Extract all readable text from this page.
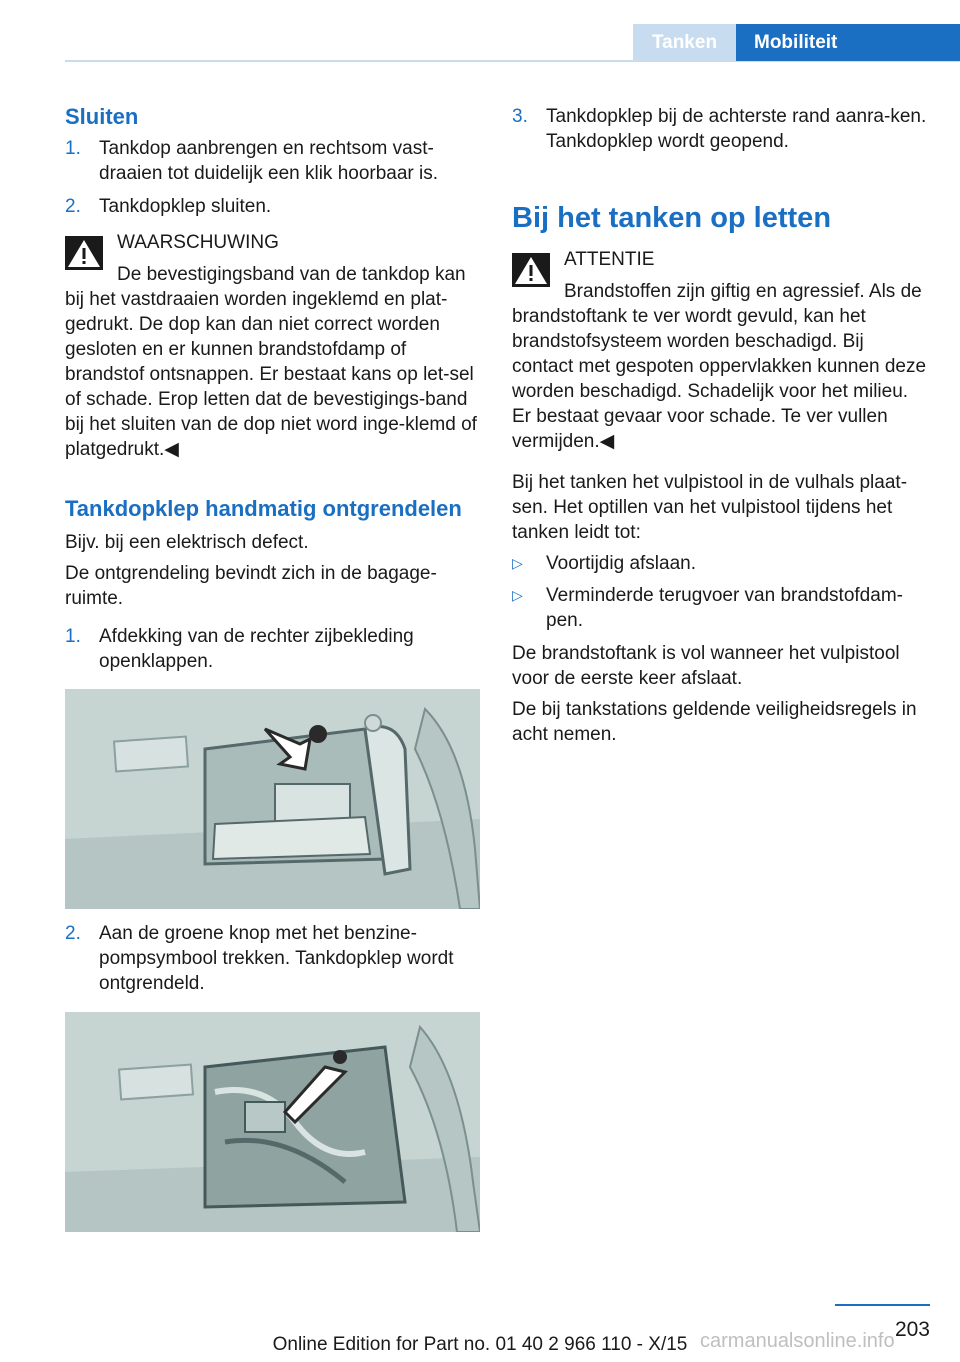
Tanken	Mobiliteit
Sluiten
1. Tankdop aanbrengen en rechtsom vast-draaien tot duidelijk een klik hoorbaar is.
2. Tankdopklep sluiten.
WAARSCHUWING
De bevestigingsband van de tankdop kan bij het vastdraaien worden ingeklemd en plat-gedrukt. De dop kan dan niet correct worden gesloten en er kunnen brandstofdamp of brandstof ontsnappen. Er bestaat kans op let-sel of schade. Erop letten dat de bevestigings-band bij het sluiten van de dop niet word inge-klemd of platgedrukt.◀
Tankdopklep handmatig ontgrendelen
Bijv. bij een elektrisch defect.
De ontgrendeling bevindt zich in de bagage-ruimte.
1. Afdekking van de rechter zijbekleding openklappen.
2. Aan de groene knop met het benzine-pompsymbool trekken. Tankdopklep wordt ontgrendeld.
3. Tankdopklep bij de achterste rand aanra-ken. Tankdopklep wordt geopend.
Bij het tanken op letten
ATTENTIE
Brandstoffen zijn giftig en agressief. Als de brandstoftank te ver wordt gevuld, kan het brandstofsysteem worden beschadigd. Bij contact met gespoten oppervlakken kunnen deze worden beschadigd. Schadelijk voor het milieu. Er bestaat gevaar voor schade. Te ver vullen vermijden.◀
Bij het tanken het vulpistool in de vulhals plaat-sen. Het optillen van het vulpistool tijdens het tanken leidt tot:
▷ Voortijdig afslaan.
▷ Verminderde terugvoer van brandstofdam-pen.
De brandstoftank is vol wanneer het vulpistool voor de eerste keer afslaat.
De bij tankstations geldende veiligheidsregels in acht nemen.
203
Online Edition for Part no. 01 40 2 966 110 - X/15 carmanualsonline.info
